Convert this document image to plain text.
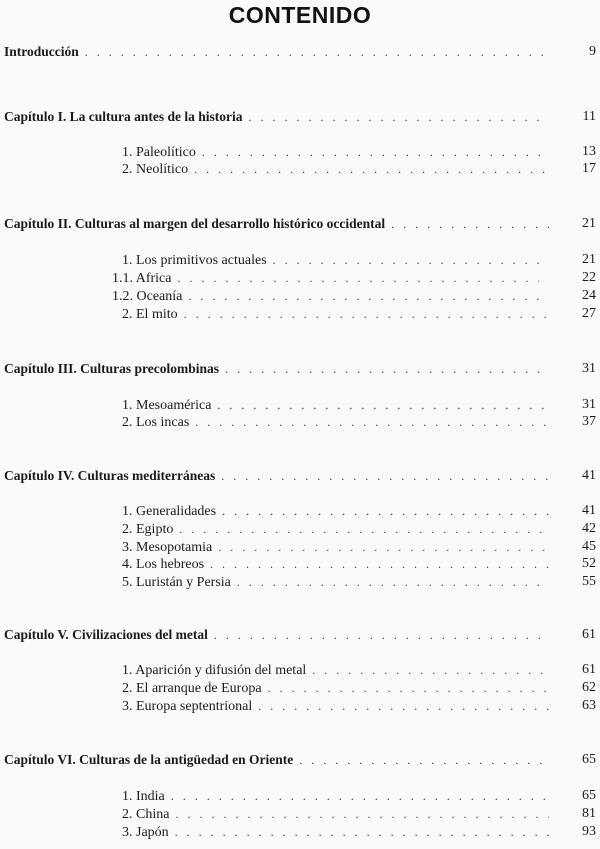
CONTENIDO
Introducción . . .	9
Capítulo I. La cultura antes de la historia . . .	11
1. Paleolítico . . .	13
2. Neolítico . . .	17
Capítulo II. Culturas al margen del desarrollo histórico occidental . . .	21
1. Los primitivos actuales . . .	21
1.1. Africa . . .	22
1.2. Oceanía . . .	24
2. El mito . . .	27
Capítulo III. Culturas precolombinas . . .	31
1. Mesoamérica . . .	31
2. Los incas . . .	37
Capítulo IV. Culturas mediterráneas . . .	41
1. Generalidades . . .	41
2. Egipto . . .	42
3. Mesopotamia . . .	45
4. Los hebreos . . .	52
5. Luristán y Persia . . .	55
Capítulo V. Civilizaciones del metal . . .	61
1. Aparición y difusión del metal . . .	61
2. El arranque de Europa . . .	62
3. Europa septentrional . . .	63
Capítulo VI. Culturas de la antigüedad en Oriente . . .	65
1. India . . .	65
2. China . . .	81
3. Japón . . .	93
